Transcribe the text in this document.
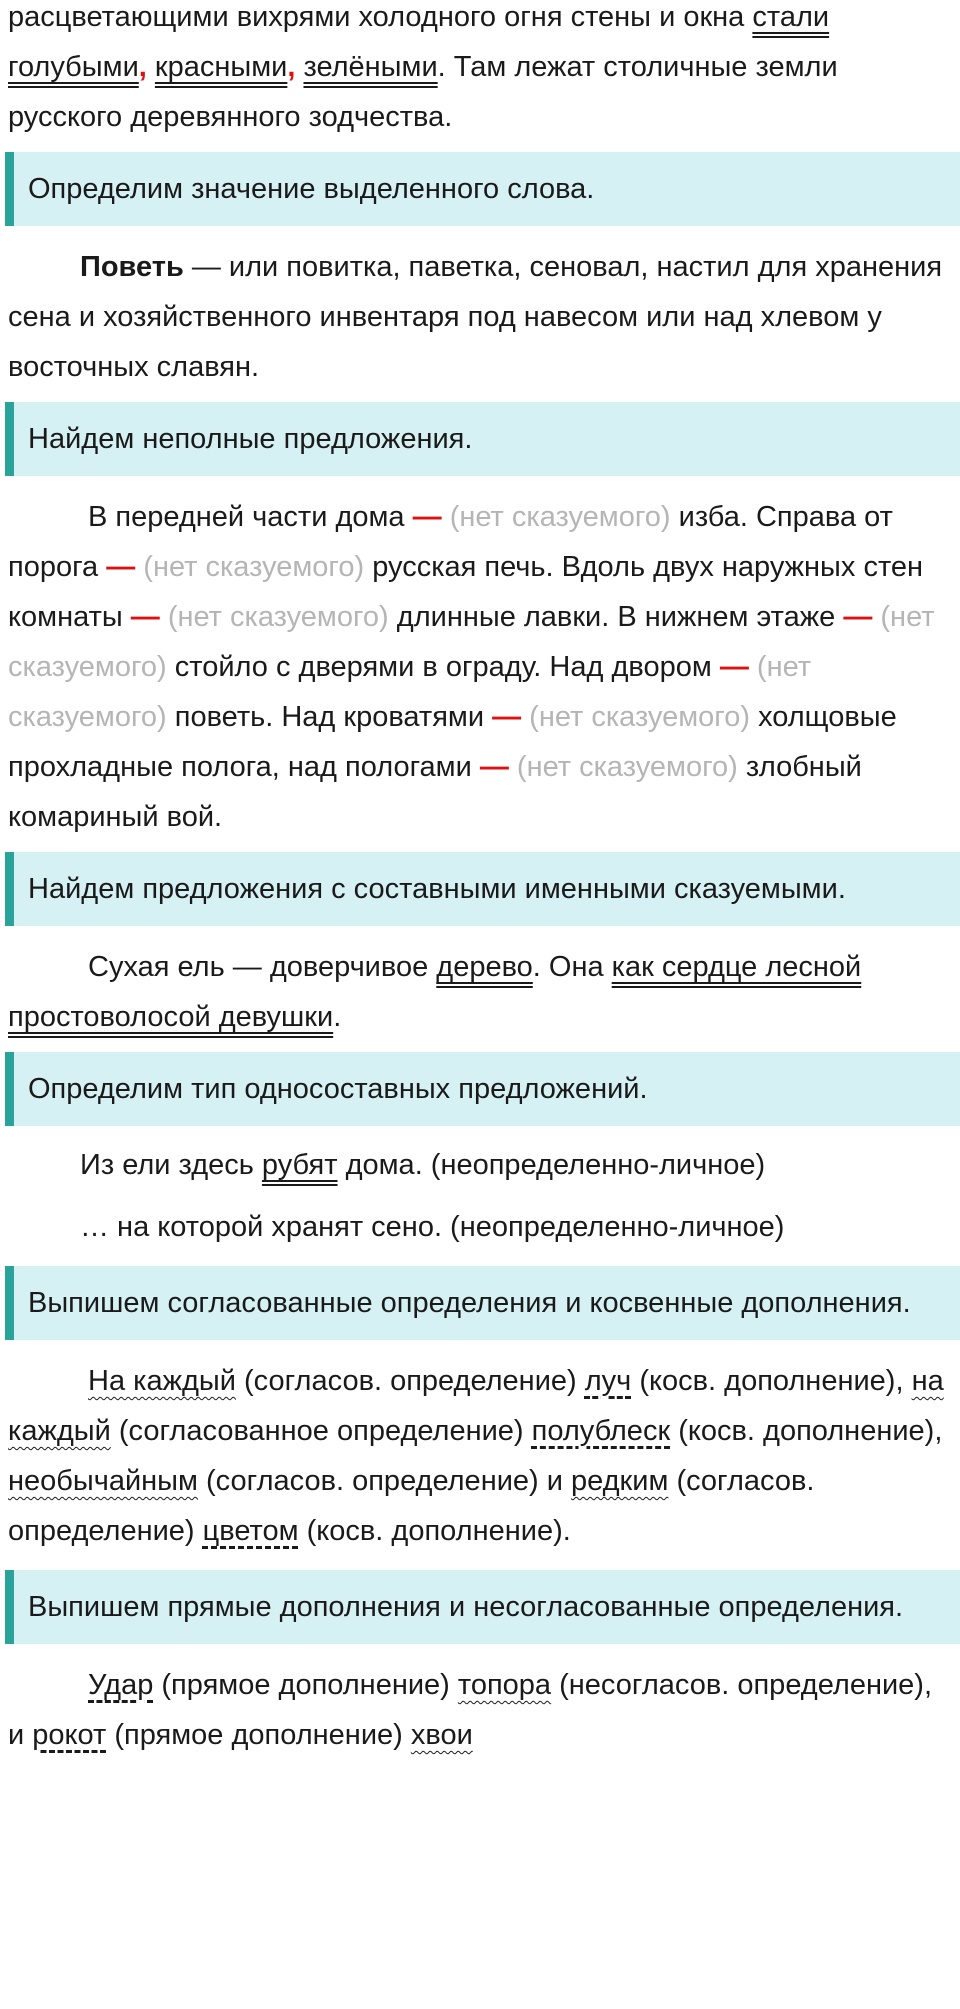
расцветающими вихрями холодного огня стены и окна стали голубыми, красными, зелёными. Там лежат столичные земли русского деревянного зодчества.

Определим значение выделенного слова.

Поветь — или повитка, паветка, сеновал, настил для хранения сена и хозяйственного инвентаря под навесом или над хлевом у восточных славян.

Найдем неполные предложения.

В передней части дома — (нет сказуемого) изба. Справа от порога — (нет сказуемого) русская печь. Вдоль двух наружных стен комнаты — (нет сказуемого) длинные лавки. В нижнем этаже — (нет сказуемого) стойло с дверями в ограду. Над двором — (нет сказуемого) поветь. Над кроватями — (нет сказуемого) холщовые прохладные полога, над пологами — (нет сказуемого) злобный комариный вой.

Найдем предложения с составными именными сказуемыми.

Сухая ель — доверчивое дерево. Она как сердце лесной простоволосой девушки.

Определим тип односоставных предложений.

Из ели здесь рубят дома. (неопределенно-личное)

… на которой хранят сено. (неопределенно-личное)

Выпишем согласованные определения и косвенные дополнения.

На каждый (согласов. определение) луч (косв. дополнение), на каждый (согласованное определение) полублеск (косв. дополнение), необычайным (согласов. определение) и редким (согласов. определение) цветом (косв. дополнение).

Выпишем прямые дополнения и несогласованные определения.

Удар (прямое дополнение) топора (несогласов. определение), и рокот (прямое дополнение) хвои
